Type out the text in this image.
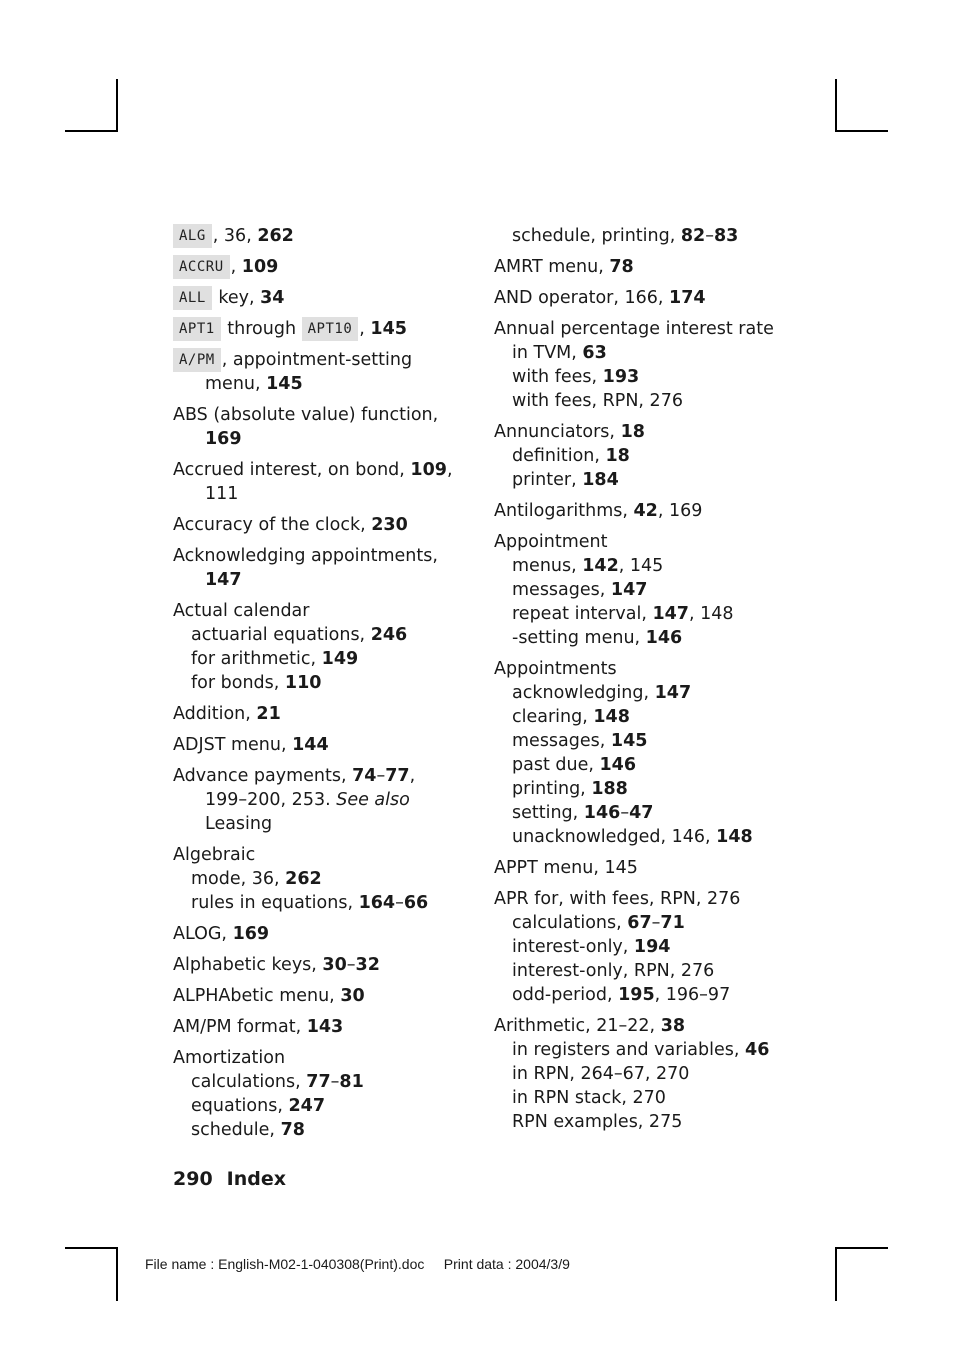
ALG , 36, 262
ACCRU , 109
ALL key, 34
APT1 through APT10 , 145
A/PM , appointment-setting
menu, 145
ABS (absolute value) function,
169
Accrued interest, on bond, 109,
111
Accuracy of the clock, 230
Acknowledging appointments,
147
Actual calendar
actuarial equations, 246
for arithmetic, 149
for bonds, 110
Addition, 21
ADJST menu, 144
Advance payments, 74–77,
199–200, 253. See also
Leasing
Algebraic
mode, 36, 262
rules in equations, 164–66
ALOG, 169
Alphabetic keys, 30–32
ALPHAbetic menu, 30
AM/PM format, 143
Amortization
calculations, 77–81
equations, 247
schedule, 78
schedule, printing, 82–83
AMRT menu, 78
AND operator, 166, 174
Annual percentage interest rate
in TVM, 63
with fees, 193
with fees, RPN, 276
Annunciators, 18
definition, 18
printer, 184
Antilogarithms, 42, 169
Appointment
menus, 142, 145
messages, 147
repeat interval, 147, 148
-setting menu, 146
Appointments
acknowledging, 147
clearing, 148
messages, 145
past due, 146
printing, 188
setting, 146–47
unacknowledged, 146, 148
APPT menu, 145
APR for, with fees, RPN, 276
calculations, 67–71
interest-only, 194
interest-only, RPN, 276
odd-period, 195, 196–97
Arithmetic, 21–22, 38
in registers and variables, 46
in RPN, 264–67, 270
in RPN stack, 270
RPN examples, 275
290 Index
File name : English-M02-1-040308(Print).doc     Print data : 2004/3/9
